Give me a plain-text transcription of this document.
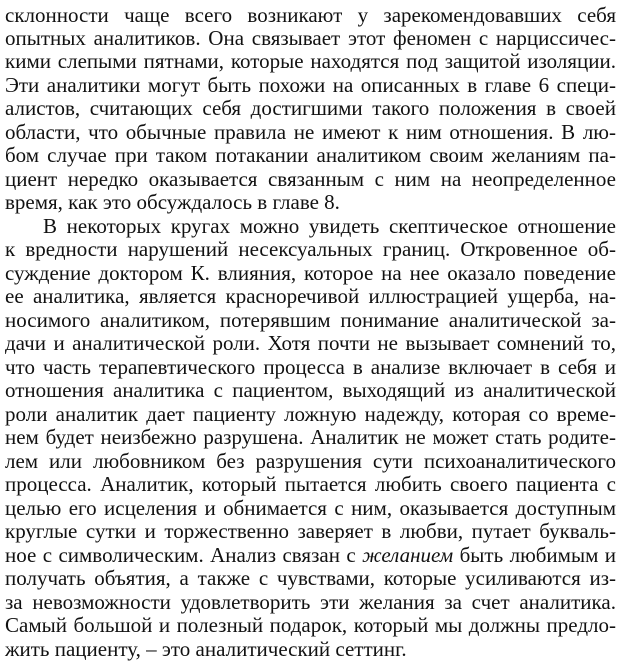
склонности чаще всего возникают у зарекомендовавших себя
опытных аналитиков. Она связывает этот феномен с нарциссичес-
кими слепыми пятнами, которые находятся под защитой изоляции.
Эти аналитики могут быть похожи на описанных в главе 6 специ-
алистов, считающих себя достигшими такого положения в своей
области, что обычные правила не имеют к ним отношения. В лю-
бом случае при таком потакании аналитиком своим желаниям па-
циент нередко оказывается связанным с ним на неопределенное
время, как это обсуждалось в главе 8.
В некоторых кругах можно увидеть скептическое отношение
к вредности нарушений несексуальных границ. Откровенное об-
суждение доктором К. влияния, которое на нее оказало поведение
ее аналитика, является красноречивой иллюстрацией ущерба, на-
носимого аналитиком, потерявшим понимание аналитической за-
дачи и аналитической роли. Хотя почти не вызывает сомнений то,
что часть терапевтического процесса в анализе включает в себя и
отношения аналитика с пациентом, выходящий из аналитической
роли аналитик дает пациенту ложную надежду, которая со време-
нем будет неизбежно разрушена. Аналитик не может стать родите-
лем или любовником без разрушения сути психоаналитического
процесса. Аналитик, который пытается любить своего пациента с
целью его исцеления и обнимается с ним, оказывается доступным
круглые сутки и торжественно заверяет в любви, путает букваль-
ное с символическим. Анализ связан с желанием быть любимым и
получать объятия, а также с чувствами, которые усиливаются из-
за невозможности удовлетворить эти желания за счет аналитика.
Самый большой и полезный подарок, который мы должны предло-
жить пациенту, – это аналитический сеттинг.
